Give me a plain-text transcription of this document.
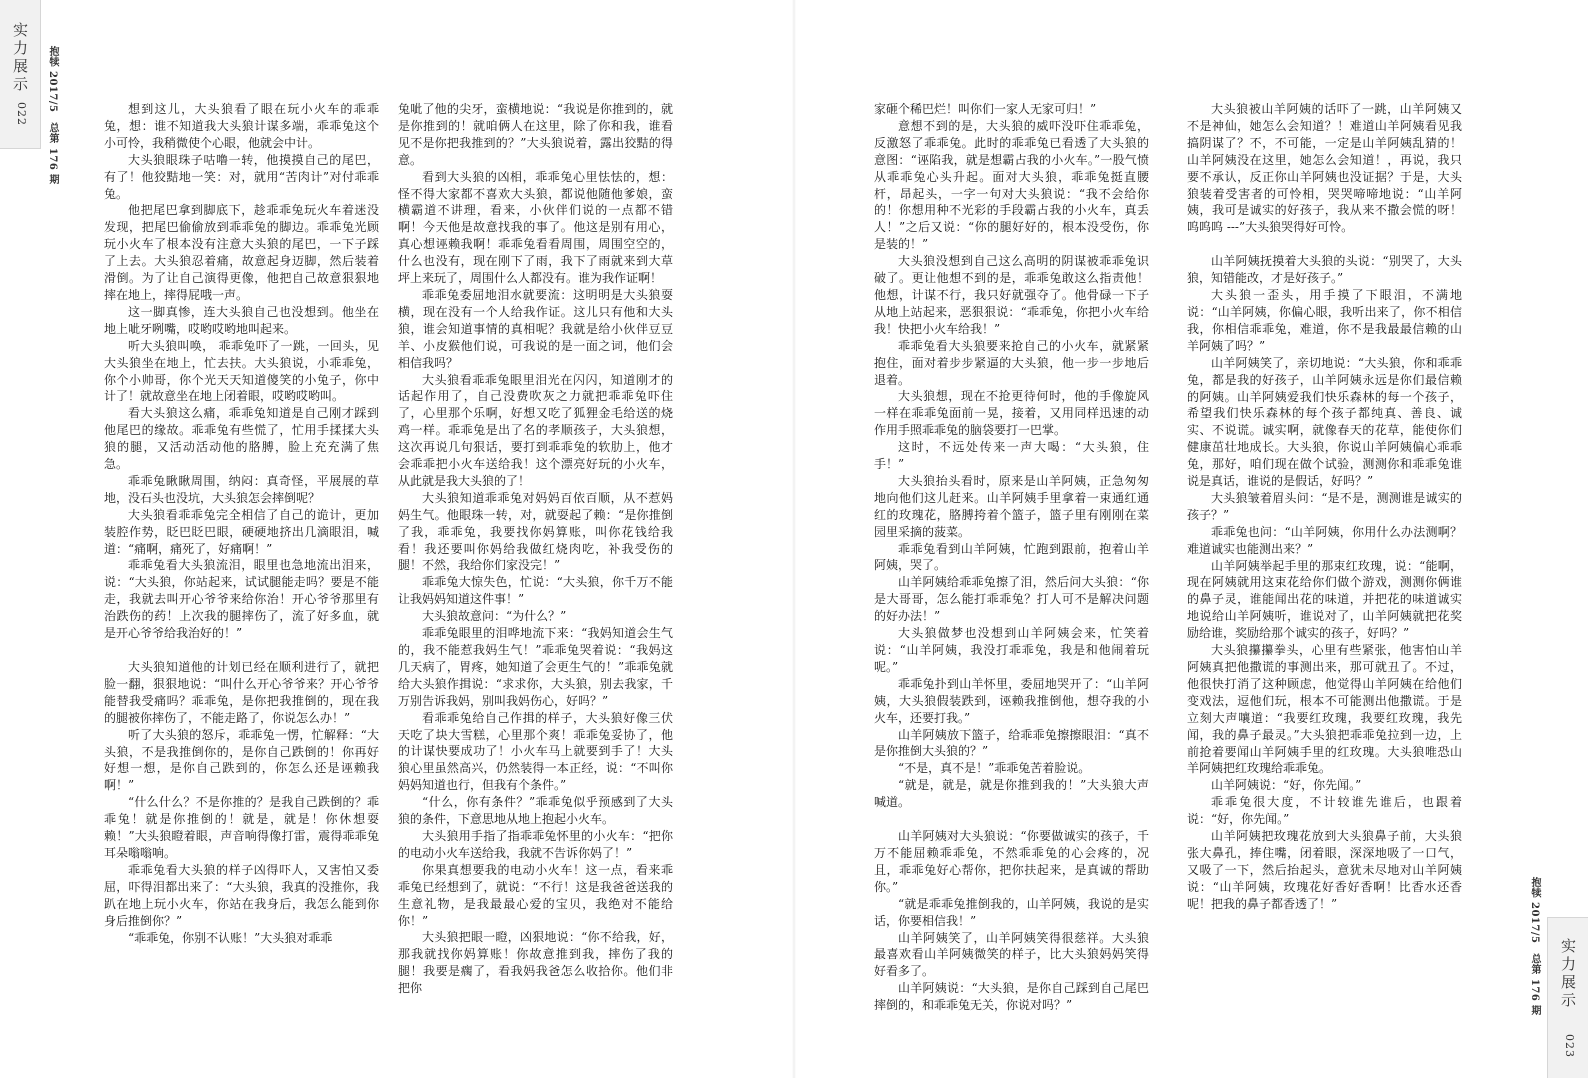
实力展示
022 抱犊 2017/5　总第 176 期	想到这儿，大头狼看了眼在玩小火车的乖乖兔，想：谁不知道我大头狼计谋多端，乖乖兔这个小可怜，我稍微使个心眼，他就会中计。

大头狼眼珠子咕噜一转，他摸摸自己的尾巴，有了！他狡黠地一笑：对，就用“苦肉计”对付乖乖兔。

他把尾巴拿到脚底下，趁乖乖兔玩火车着迷没发现，把尾巴偷偷放到乖乖兔的脚边。乖乖兔光顾玩小火车了根本没有注意大头狼的尾巴，一下子踩了上去。大头狼忍着痛，故意起身迈脚，然后装着滑倒。为了让自己演得更像，他把自己故意狠狠地摔在地上，摔得屁哦一声。

这一脚真惨，连大头狼自己也没想到。他坐在地上呲牙咧嘴，哎哟哎哟地叫起来。

听大头狼叫唤， 乖乖兔吓了一跳，一回头，见大头狼坐在地上，忙去扶。大头狼说，小乖乖兔，你个小帅哥，你个光天天知道傻笑的小兔子，你中计了！就故意坐在地上闭着眼，哎哟哎哟叫。

看大头狼这么痛，乖乖兔知道是自己刚才踩到他尾巴的缘故。乖乖兔有些慌了，忙用手揉揉大头狼的腿，又活动活动他的胳膊，脸上充充满了焦急。

乖乖兔瞅瞅周围，纳闷：真奇怪，平展展的草地，没石头也没坑，大头狼怎会摔倒呢？

大头狼看乖乖兔完全相信了自己的诡计，更加装腔作势，眨巴眨巴眼，硬硬地挤出几滴眼泪，喊道：“痛啊，痛死了，好痛啊！”

乖乖兔看大头狼流泪，眼里也急地流出泪来，说：“大头狼，你站起来，试试腿能走吗？要是不能走，我就去叫开心爷爷来给你治！开心爷爷那里有治跌伤的药！上次我的腿摔伤了，流了好多血，就是开心爷爷给我治好的！”

大头狼知道他的计划已经在顺利进行了，就把脸一翻，狠狠地说：“叫什么开心爷爷来？开心爷爷能替我受痛吗？乖乖兔，是你把我推倒的，现在我的腿被你摔伤了，不能走路了，你说怎么办！”

听了大头狼的怒斥，乖乖兔一愣，忙解释：“大头狼，不是我推倒你的，是你自己跌倒的！你再好好想一想，是你自己跌到的，你怎么还是诬赖我啊！”

“什么什么？不是你推的？是我自己跌倒的？乖乖兔！就是你推倒的！就是，就是！你休想耍赖！”大头狼瞪着眼，声音响得像打雷，震得乖乖兔耳朵嗡嗡响。

乖乖兔看大头狼的样子凶得吓人，又害怕又委屈，吓得泪都出来了：“大头狼，我真的没推你，我趴在地上玩小火车，你站在我身后，我怎么能到你身后推倒你？”

“乖乖兔，你别不认账！”大头狼对乖乖

兔呲了他的尖牙，蛮横地说：“我说是你推到的，就是你推到的！就咱俩人在这里，除了你和我，谁看见不是你把我推到的？”大头狼说着，露出狡黠的得意。

看到大头狼的凶相，乖乖兔心里怯怯的，想：怪不得大家都不喜欢大头狼，都说他随他爹娘，蛮横霸道不讲理，看来，小伙伴们说的一点都不错啊！今天他是故意找我的事了。他这是别有用心，真心想诬赖我啊！乖乖兔看看周围，周围空空的，什么也没有，现在刚下了雨，我下了雨就来到大草坪上来玩了，周围什么人都没有。谁为我作证啊！

乖乖兔委屈地泪水就要流：这明明是大头狼耍横，现在没有一个人给我作证。这儿只有他和大头狼，谁会知道事情的真相呢？我就是给小伙伴豆豆羊、小皮猴他们说，可我说的是一面之词，他们会相信我吗？

大头狼看乖乖兔眼里泪光在闪闪，知道刚才的话起作用了，自己没费吹灰之力就把乖乖兔吓住了，心里那个乐啊，好想又吃了狐狸金毛给送的烧鸡一样。乖乖兔是出了名的孝顺孩子，大头狼想，这次再说几句狠话，要打到乖乖兔的软肋上，他才会乖乖把小火车送给我！这个漂亮好玩的小火车，从此就是我大头狼的了！

大头狼知道乖乖兔对妈妈百依百顺，从不惹妈妈生气。他眼珠一转，对，就耍起了赖：“是你推倒了我，乖乖兔，我要找你妈算账，叫你花钱给我看！我还要叫你妈给我做红烧肉吃，补我受伤的腿！不然，我给你们家没完！”

乖乖兔大惊失色，忙说：“大头狼，你千万不能让我妈妈知道这件事！”

大头狼故意问：“为什么？”

乖乖兔眼里的泪哗地流下来：“我妈知道会生气的，我不能惹我妈生气！”乖乖兔哭着说：“我妈这几天病了，胃疼，她知道了会更生气的！”乖乖兔就给大头狼作揖说：“求求你，大头狼，别去我家，千万别告诉我妈，别叫我妈伤心，好吗？”

看乖乖兔给自己作揖的样子，大头狼好像三伏天吃了块大雪糕，心里那个爽！乖乖兔妥协了，他的计谋快要成功了！小火车马上就要到手了！大头狼心里虽然高兴，仍然装得一本正经，说：“不叫你妈妈知道也行，但我有个条件。”

“什么，你有条件？”乖乖兔似乎预感到了大头狼的条件，下意思地从地上抱起小火车。

大头狼用手指了指乖乖兔怀里的小火车：“把你的电动小火车送给我，我就不告诉你妈了！”

你果真想要我的电动小火车！这一点，看来乖乖兔已经想到了，就说：“不行！这是我爸爸送我的生意礼物，是我最最心爱的宝贝，我绝对不能给你！”

大头狼把眼一瞪，凶狠地说：“你不给我，好，那我就找你妈算账！你故意推到我，摔伤了我的腿！我要是瘸了，看我妈我爸怎么收拾你。他们非把你	抱犊 2017/5　总第 176 期 实力展示
023

家砸个稀巴烂！叫你们一家人无家可归！”

意想不到的是，大头狼的威吓没吓住乖乖兔，反激怒了乖乖兔。此时的乖乖兔已看透了大头狼的意图：“诬陷我，就是想霸占我的小火车。”一股气愤从乖乖兔心头升起。面对大头狼，乖乖兔挺直腰杆，昂起头，一字一句对大头狼说：“我不会给你的！你想用种不光彩的手段霸占我的小火车，真丢人！”之后又说：“你的腿好好的，根本没受伤，你是装的！”

大头狼没想到自己这么高明的阴谋被乖乖兔识破了。更让他想不到的是，乖乖兔敢这么指责他！他想，计谋不行，我只好就强夺了。他骨碌一下子从地上站起来，恶狠狠说：“乖乖兔，你把小火车给我！快把小火车给我！”

乖乖兔看大头狼要来抢自己的小火车，就紧紧抱住，面对着步步紧逼的大头狼，他一步一步地后退着。

大头狼想，现在不抢更待何时，他的手像旋风一样在乖乖兔面前一晃，接着，又用同样迅速的动作用手照乖乖兔的脑袋要打一巴掌。

这时，不远处传来一声大喝：“大头狼，住手！”

大头狼抬头看时，原来是山羊阿姨，正急匆匆地向他们这儿赶来。山羊阿姨手里拿着一束通红通红的玫瑰花，胳膊挎着个篮子，篮子里有刚刚在菜园里采摘的菠菜。

乖乖兔看到山羊阿姨，忙跑到跟前，抱着山羊阿姨，哭了。

山羊阿姨给乖乖兔擦了泪，然后问大头狼：“你是大哥哥，怎么能打乖乖兔？打人可不是解决问题的好办法！”

大头狼做梦也没想到山羊阿姨会来，忙笑着说：“山羊阿姨，我没打乖乖兔，我是和他闹着玩呢。”

乖乖兔扑到山羊怀里，委屈地哭开了：“山羊阿姨，大头狼假装跌到，诬赖我推倒他，想夺我的小火车，还要打我。”

山羊阿姨放下篮子，给乖乖兔擦擦眼泪：“真不是你推倒大头狼的？”

“不是，真不是！”乖乖兔苦着脸说。

“就是，就是，就是你推到我的！”大头狼大声喊道。

山羊阿姨对大头狼说：“你要做诚实的孩子，千万不能屈赖乖乖兔，不然乖乖兔的心会疼的，况且，乖乖兔好心帮你，把你扶起来，是真诚的帮助你。”

“就是乖乖兔推倒我的，山羊阿姨，我说的是实话，你要相信我！”

山羊阿姨笑了，山羊阿姨笑得很慈祥。大头狼最喜欢看山羊阿姨微笑的样子，比大头狼妈妈笑得好看多了。

山羊阿姨说：“大头狼，是你自己踩到自己尾巴摔倒的，和乖乖兔无关，你说对吗？”

大头狼被山羊阿姨的话吓了一跳，山羊阿姨又不是神仙，她怎么会知道？！难道山羊阿姨看见我搞阴谋了？不，不可能，一定是山羊阿姨乱猜的！山羊阿姨没在这里，她怎么会知道！，再说，我只要不承认，反正你山羊阿姨也没证据？于是，大头狼装着受害者的可怜相，哭哭啼啼地说：“山羊阿姨，我可是诚实的好孩子，我从来不撒会慌的呀！呜呜呜 ---”大头狼哭得好可怜。

山羊阿姨抚摸着大头狼的头说：“别哭了，大头狼，知错能改，才是好孩子。”

大头狼一歪头，用手摸了下眼泪，不满地说：“山羊阿姨，你偏心眼，我听出来了，你不相信我，你相信乖乖兔，难道，你不是我最最信赖的山羊阿姨了吗？”

山羊阿姨笑了，亲切地说：“大头狼，你和乖乖兔，都是我的好孩子，山羊阿姨永远是你们最信赖的阿姨。山羊阿姨爱我们快乐森林的每一个孩子，希望我们快乐森林的每个孩子都纯真、善良、诚实、不说谎。诚实啊，就像春天的花草，能使你们健康茁壮地成长。大头狼，你说山羊阿姨偏心乖乖兔，那好，咱们现在做个试验，测测你和乖乖兔谁说是真话，谁说的是假话，好吗？”

大头狼皱着眉头问：“是不是，测测谁是诚实的孩子？”

乖乖兔也问：“山羊阿姨，你用什么办法测啊？难道诚实也能测出来？”

山羊阿姨举起手里的那束红玫瑰，说：“能啊，现在阿姨就用这束花给你们做个游戏，测测你俩谁的鼻子灵，谁能闻出花的味道，并把花的味道诚实地说给山羊阿姨听，谁说对了，山羊阿姨就把花奖励给谁，奖励给那个诚实的孩子，好吗？”

大头狼攥攥拳头，心里有些紧张，他害怕山羊阿姨真把他撒谎的事测出来，那可就丑了。不过，他很快打消了这种顾虑，他觉得山羊阿姨在给他们变戏法，逗他们玩，根本不可能测出他撒谎。于是立刻大声嚷道：“我要红玫瑰，我要红玫瑰，我先闻，我的鼻子最灵。”大头狼把乖乖兔拉到一边，上前抢着要闻山羊阿姨手里的红玫瑰。大头狼唯恐山羊阿姨把红玫瑰给乖乖兔。

山羊阿姨说：“好，你先闻。”

乖乖兔很大度，不计较谁先谁后，也跟着说：“好，你先闻。”

山羊阿姨把玫瑰花放到大头狼鼻子前，大头狼张大鼻孔，捧住嘴，闭着眼，深深地吸了一口气，又吸了一下，然后抬起头，意犹未尽地对山羊阿姨说：“山羊阿姨，玫瑰花好香好香啊！比香水还香呢！把我的鼻子都香透了！”
